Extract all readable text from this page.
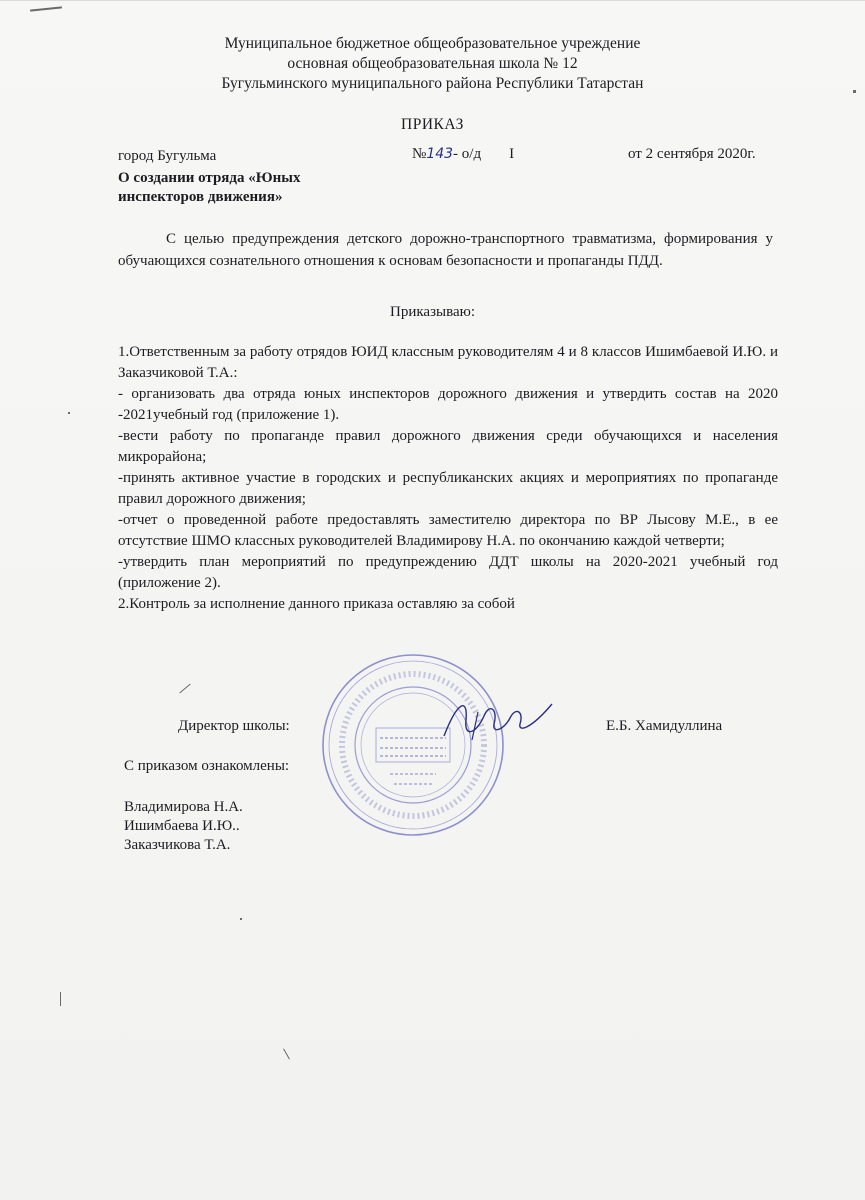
Муниципальное бюджетное общеобразовательное учреждение
основная общеобразовательная школа № 12
Бугульминского муниципального района Республики Татарстан
ПРИКАЗ
город Бугульма	№143- о/д I	от 2 сентября 2020г.
О создании отряда «Юных
инспекторов движения»
С целью предупреждения детского дорожно-транспортного травматизма, формирования у обучающихся сознательного отношения к основам безопасности и пропаганды ПДД.
Приказываю:

1.Ответственным за работу отрядов ЮИД классным руководителям 4 и 8 классов Ишимбаевой И.Ю. и Заказчиковой Т.А.:

- организовать два отряда юных инспекторов дорожного движения и утвердить состав на 2020 -2021учебный год (приложение 1).

-вести работу по пропаганде правил дорожного движения среди обучающихся и населения микрорайона;

-принять активное участие в городских и республиканских акциях и мероприятиях по пропаганде правил дорожного движения;

-отчет о проведенной работе предоставлять заместителю директора по ВР Лысову М.Е., в ее отсутствие ШМО классных руководителей Владимирову Н.А. по окончанию каждой четверти;

-утвердить план мероприятий по предупреждению ДДТ школы на 2020-2021 учебный год (приложение 2).

2.Контроль за исполнение данного приказа оставляю за собой

Директор школы:	Е.Б. Хамидуллина
С приказом ознакомлены:
Владимирова Н.А.
Ишимбаева И.Ю..
Заказчикова Т.А.
